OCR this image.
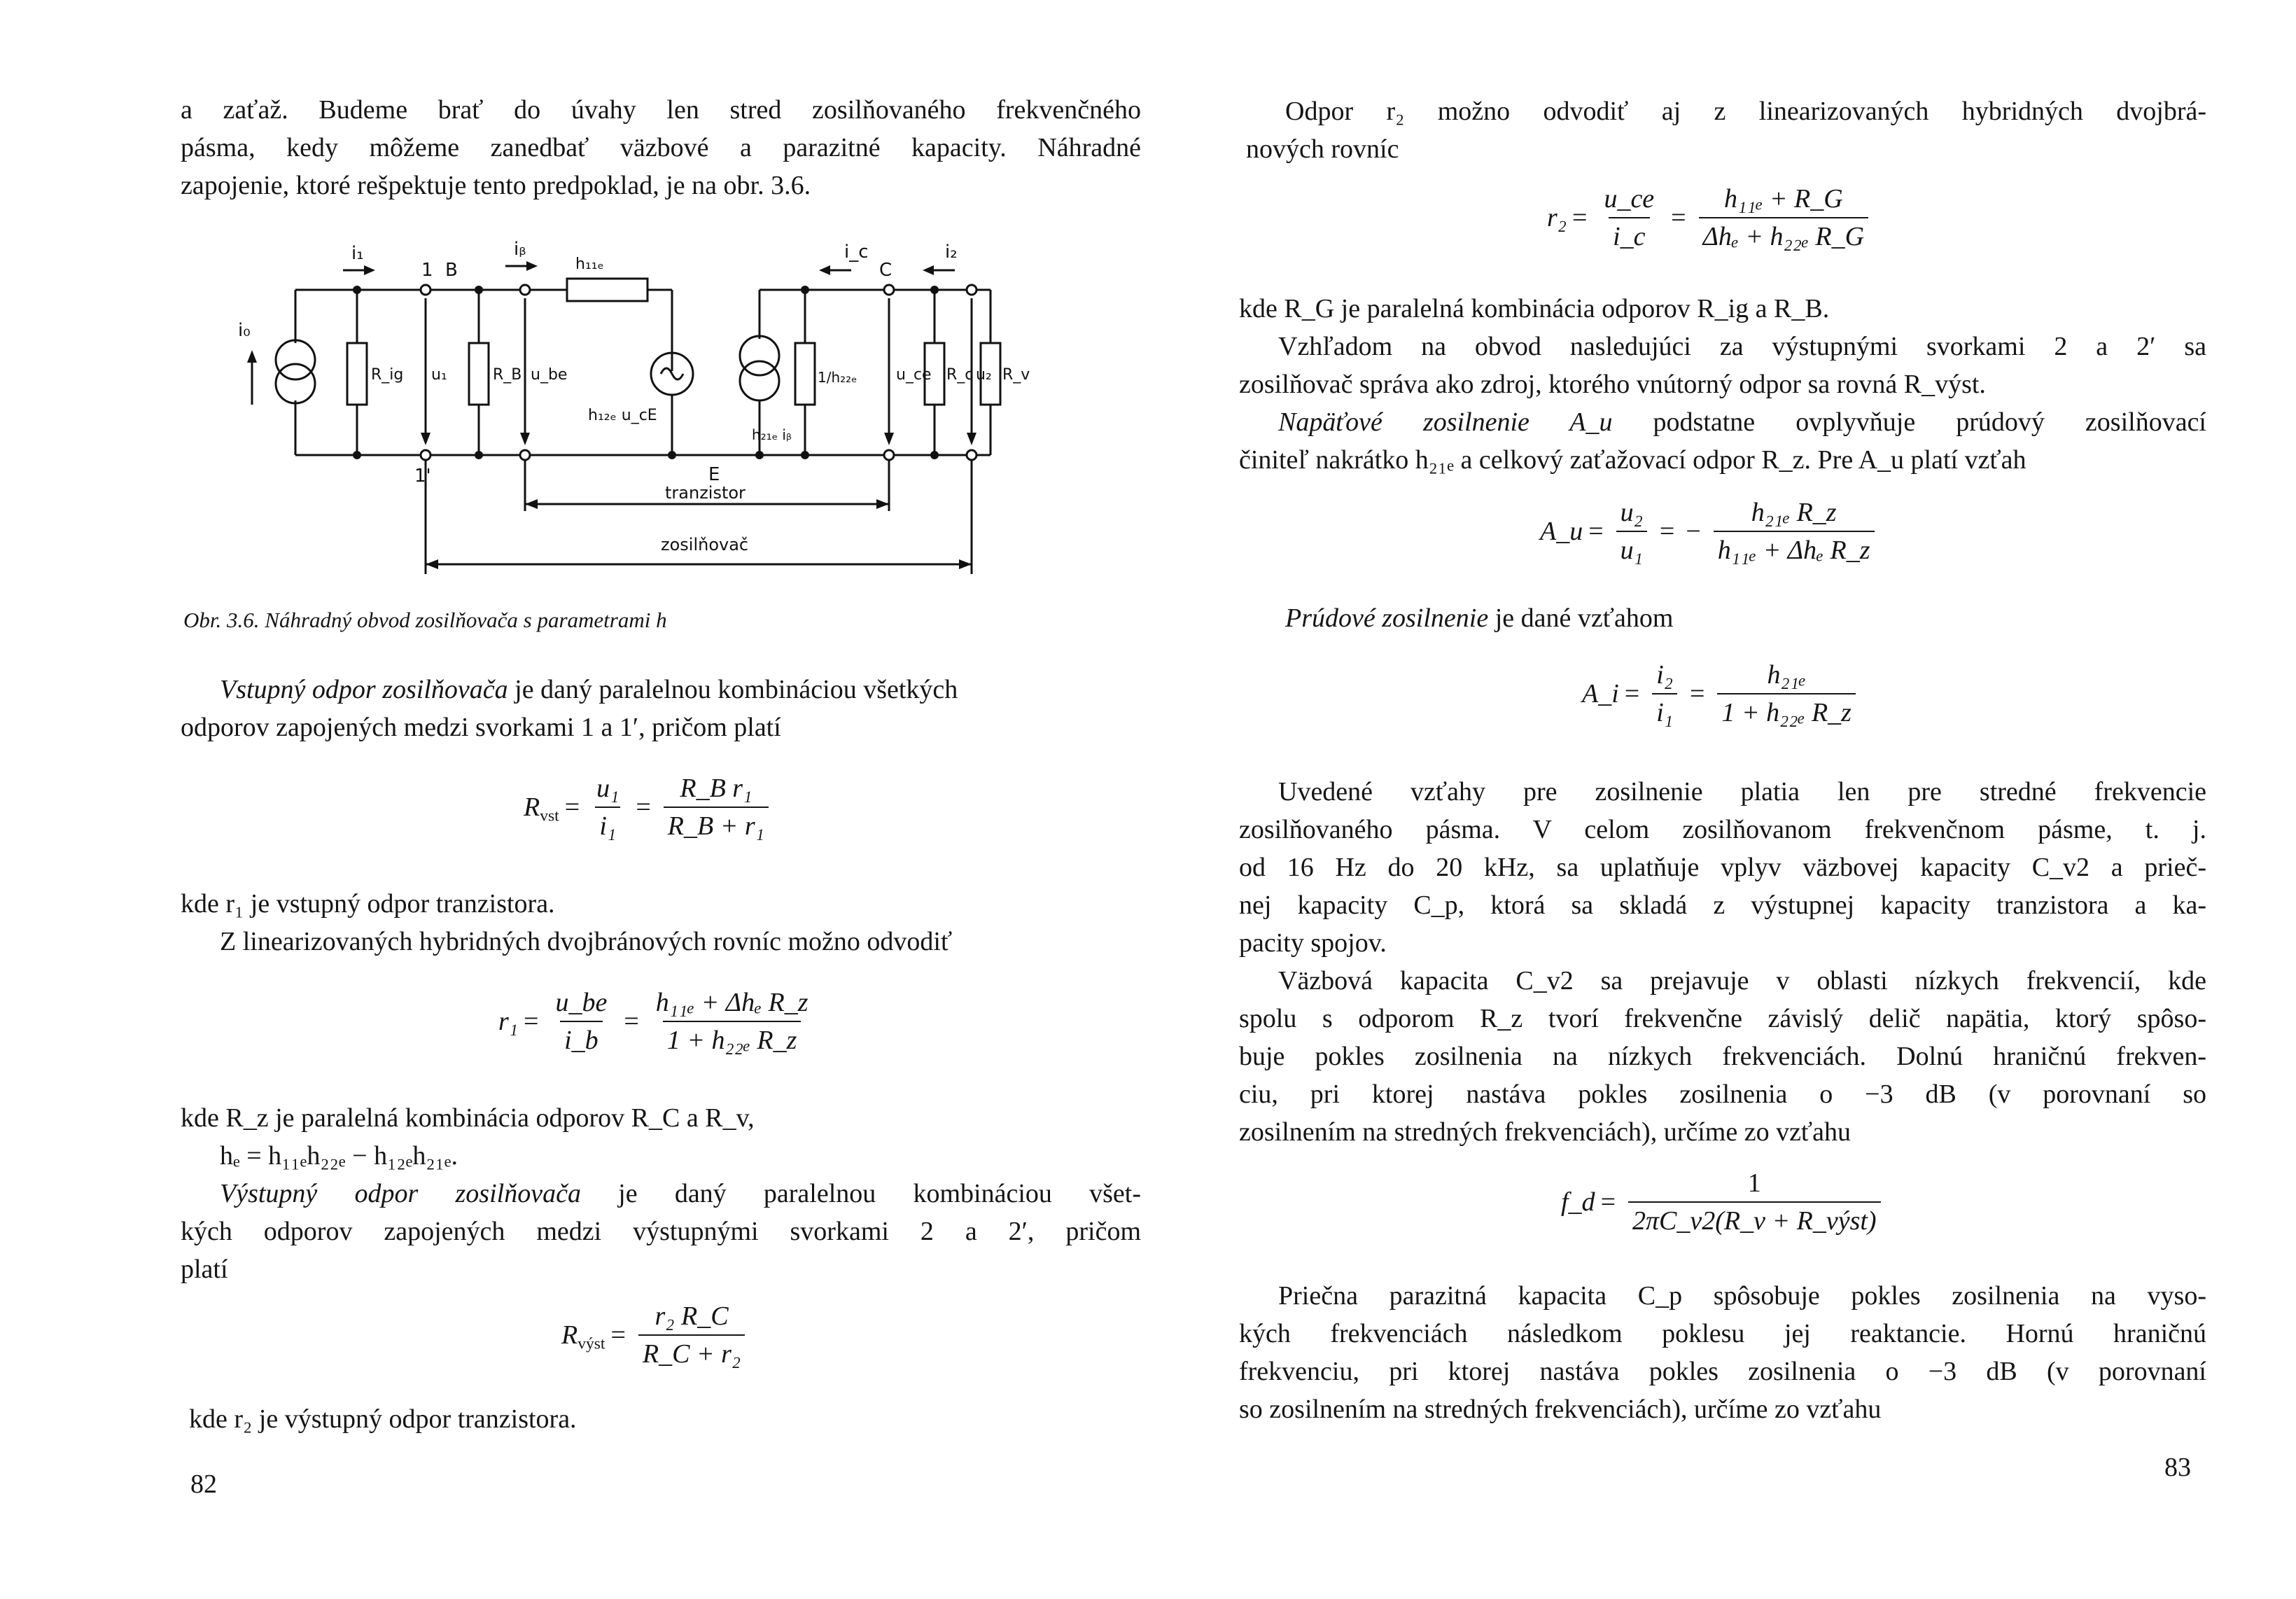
a zaťaž. Budeme brať do úvahy len stred zosilňovaného frekvenčného
pásma, kedy môžeme zanedbať väzbové a parazitné kapacity. Náhradné
zapojenie, ktoré rešpektuje tento predpoklad, je na obr. 3.6.
i₁
1 B
iᵦ
h₁₁ₑ
i_c
C
i₂
i₀
R_ig u₁	R_B u_be
h₁₂ₑ u_cE
1/h₂₂ₑ	u_ce R_c u₂ R_v
h₂₁ₑ iᵦ
1'	E
tranzistor
zosilňovač
Obr. 3.6. Náhradný obvod zosilňovača s parametrami h
Vstupný odpor zosilňovača je daný paralelnou kombináciou všetkých
odporov zapojených medzi svorkami 1 a 1′, pričom platí
$R_{vst} = \frac{\text{u₁}}{\text{i₁}} = \frac{\text{R\_B r₁}}{\text{R\_B + r₁}}$
kde r₁ je vstupný odpor tranzistora.
Z linearizovaných hybridných dvojbránových rovníc možno odvodiť
$r_1 = \frac{u\_be}{i\_b} = \frac{\text{h₁₁ₑ + Δhₑ R\_z}}{\text{1 + h₂₂ₑ R\_z}}$
kde R_z je paralelná kombinácia odporov R_C a R_v,
hₑ = h₁₁ₑh₂₂ₑ − h₁₂ₑh₂₁ₑ.
Výstupný odpor zosilňovača je daný paralelnou kombináciou všet-
kých odporov zapojených medzi výstupnými svorkami 2 a 2′, pričom
platí
$R_{výst} = \frac{\text{r₂ R\_C}}{\text{R\_C + r₂}}$
kde r₂ je výstupný odpor tranzistora.
82
Odpor r₂ možno odvodiť aj z linearizovaných hybridných dvojbrá-
nových rovníc
$r_2 = \frac{u\_ce}{i\_c} = \frac{\text{h₁₁ₑ + R\_G}}{\text{Δhₑ + h₂₂ₑ R\_G}}$
kde R_G je paralelná kombinácia odporov R_ig a R_B.
Vzhľadom na obvod nasledujúci za výstupnými svorkami 2 a 2′ sa
zosilňovač správa ako zdroj, ktorého vnútorný odpor sa rovná R_výst.
Napäťové zosilnenie A_u podstatne ovplyvňuje prúdový zosilňovací
činiteľ nakrátko h₂₁ₑ a celkový zaťažovací odpor R_z. Pre A_u platí vzťah
A_u = $\frac{\text{u₂}}{\text{u₁}}$ = − $\frac{\text{h₂₁ₑ R\_z}}{\text{h₁₁ₑ + Δhₑ R\_z}}$
Prúdové zosilnenie je dané vzťahom
A_i = $\frac{\text{i₂}}{\text{i₁}} = \frac{\text{h₂₁ₑ}}{\text{1 + h₂₂ₑ R\_z}}$
Uvedené vzťahy pre zosilnenie platia len pre stredné frekvencie
zosilňovaného pásma. V celom zosilňovanom frekvenčnom pásme, t. j.
od 16 Hz do 20 kHz, sa uplatňuje vplyv väzbovej kapacity C_v2 a prieč-
nej kapacity C_p, ktorá sa skladá z výstupnej kapacity tranzistora a ka-
pacity spojov.
Väzbová kapacita C_v2 sa prejavuje v oblasti nízkych frekvencií, kde
spolu s odporom R_z tvorí frekvenčne závislý delič napätia, ktorý spôso-
buje pokles zosilnenia na nízkych frekvenciách. Dolnú hraničnú frekven-
ciu, pri ktorej nastáva pokles zosilnenia o −3 dB (v porovnaní so
zosilnením na stredných frekvenciách), určíme zo vzťahu
f_d = $\frac{1}{\text{2πC\_v2(R\_v + R\_výst)}}$
Priečna parazitná kapacita C_p spôsobuje pokles zosilnenia na vyso-
kých frekvenciách následkom poklesu jej reaktancie. Hornú hraničnú
frekvenciu, pri ktorej nastáva pokles zosilnenia o −3 dB (v porovnaní
so zosilnením na stredných frekvenciách), určíme zo vzťahu
83
